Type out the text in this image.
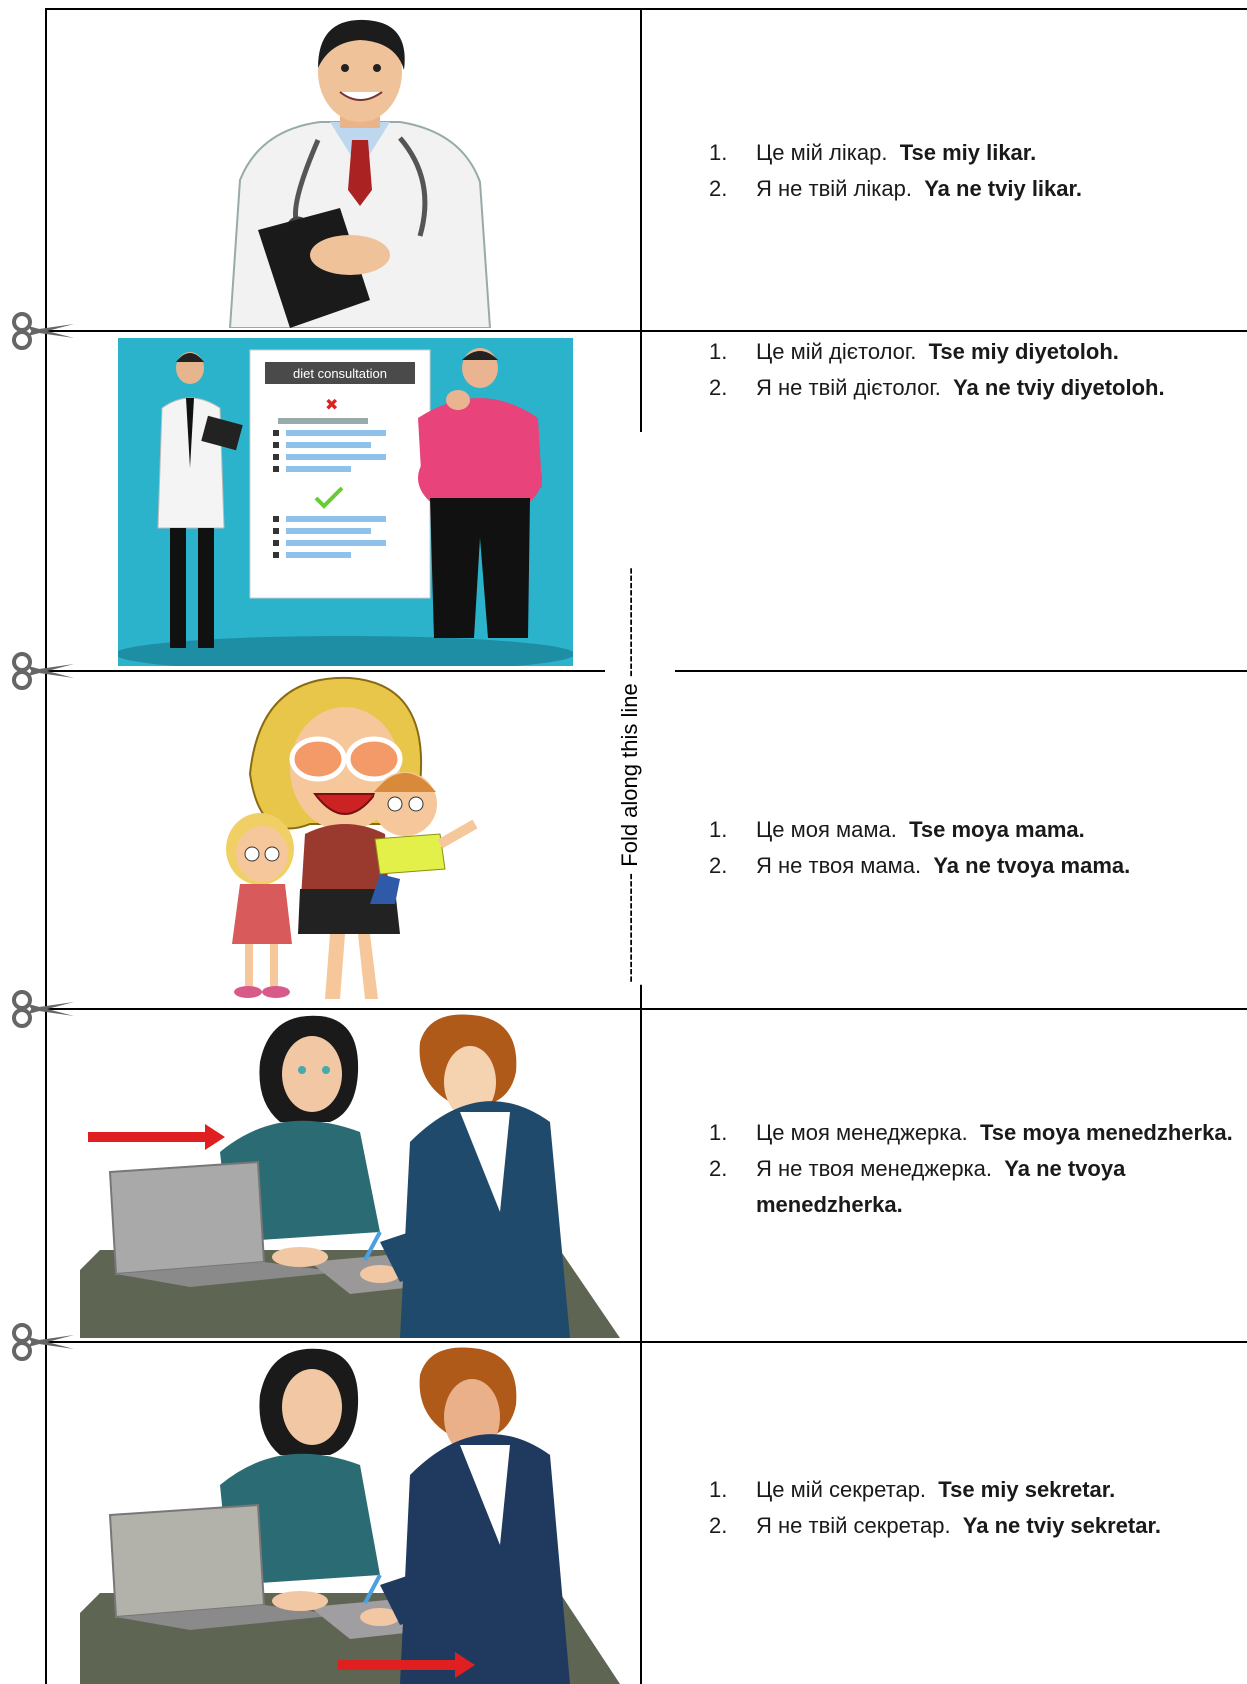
--------------- Fold along this line ---------------
1. Це мій лікар. Tse miy likar.
2. Я не твій лікар. Ya ne tviy likar.
diet consultation
✖
1. Це мій дієтолог. Tse miy diyetoloh.
2. Я не твій дієтолог. Ya ne tviy diyetoloh.
1. Це моя мама. Tse moya mama.
2. Я не твоя мама. Ya ne tvoya mama.
1. Це моя менеджерка. Tse moya menedzherka.
2. Я не твоя менеджерка. Ya ne tvoya menedzherka.
1. Це мій секретар. Tse miy sekretar.
2. Я не твій секретар. Ya ne tviy sekretar.
